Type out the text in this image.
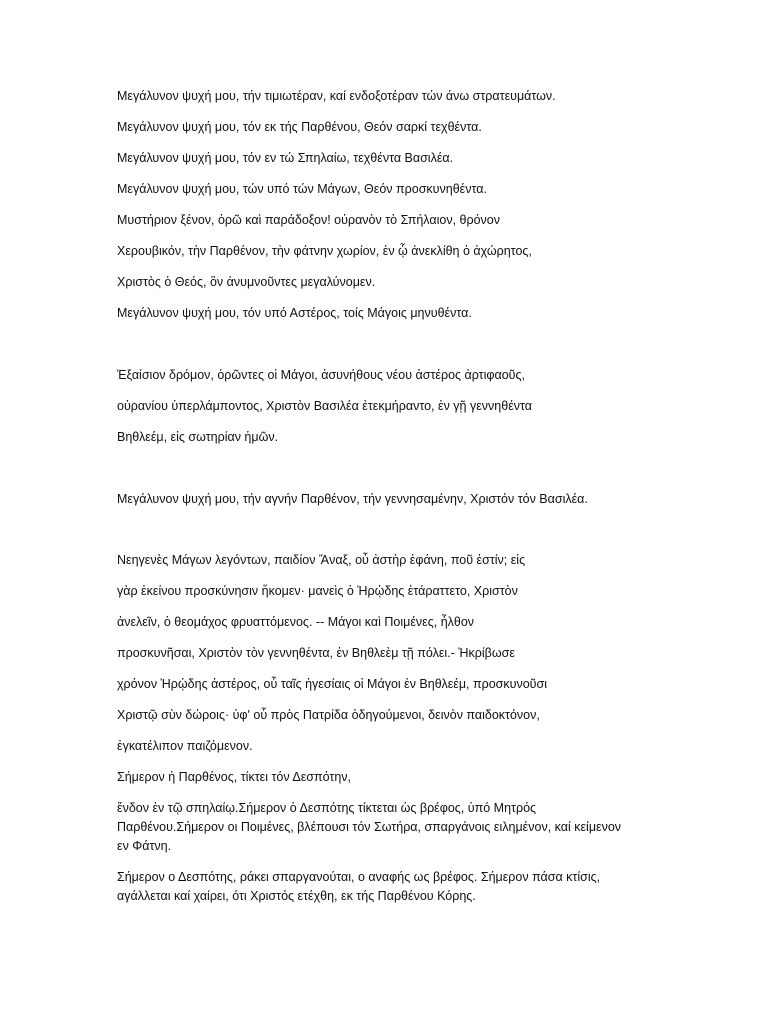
Μεγάλυνον ψυχή μου, τήν τιμιωτέραν, καί ενδοξοτέραν τών άνω στρατευμάτων.

Μεγάλυνον ψυχή μου, τόν εκ τής Παρθένου, Θεόν σαρκί τεχθέντα.

Μεγάλυνον ψυχή μου, τόν εν τώ Σπηλαίω, τεχθέντα Βασιλέα.

Μεγάλυνον ψυχή μου, τών υπό τών Μάγων, Θεόν προσκυνηθέντα.

Μυστήριον ξένον, ὁρῶ καὶ παράδοξον! οὐρανὸν τὸ Σπήλαιον, θρόνον

Χερουβικόν, τὴν Παρθένον, τὴν φάτνην χωρίον, ἐν ᾧ ἀνεκλίθη ὁ ἀχώρητος,

Χριστὸς ὁ Θεός, ὃν ἀνυμνοῦντες μεγαλύνομεν.

Μεγάλυνον ψυχή μου, τόν υπό Αστέρος, τοίς Μάγοις μηνυθέντα.

Ἐξαίσιον δρόμον, ὁρῶντες οἱ Μάγοι, ἀσυνήθους νέου ἀστέρος ἀρτιφαοῦς,

οὐρανίου ὑπερλάμποντος, Χριστὸν Βασιλέα ἐτεκμήραντο, ἐν γῇ γεννηθέντα

Βηθλεέμ, εἰς σωτηρίαν ἡμῶν.

Μεγάλυνον ψυχή μου, τήν αγνήν Παρθένον, τήν γεννησαμένην, Χριστόν τόν Βασιλέα.

Νεηγενὲς Μάγων λεγόντων, παιδίον Ἄναξ, οὗ ἀστὴρ ἐφάνη, ποῦ ἐστίν; εἰς

γὰρ ἐκείνου προσκύνησιν ἥκομεν· μανεὶς ὁ Ἡρῴδης ἐτάραττετο, Χριστὸν

ἀνελεῖν, ὁ θεομάχος φρυαττόμενος. -- Μάγοι καὶ Ποιμένες, ἦλθον

προσκυνῆσαι, Χριστὸν τὸν γεννηθέντα, ἐν Βηθλεὲμ τῇ πόλει.- Ἠκρίβωσε

χρόνον Ἡρῴδης ἀστέρος, οὗ ταῖς ἡγεσίαις οἱ Μάγοι ἐν Βηθλεέμ, προσκυνοῦσι

Χριστῷ σὺν δώροις· ὑφ' οὗ πρὸς Πατρίδα ὁδηγούμενοι, δεινὸν παιδοκτόνον,

ἐγκατέλιπον παιζόμενον.

Σήμερον ἡ Παρθένος, τίκτει τόν Δεσπότην,

ἔνδον ἐν τῷ σπηλαίῳ.Σήμερον ὁ Δεσπότης τίκτεται ὡς βρέφος, ὑπό Μητρός

Παρθένου.Σήμερον οι Ποιμένες, βλέπουσι τόν Σωτήρα, σπαργάνοις ειλημένον, καί κείμενον

εν Φάτνη.

Σήμερον ο Δεσπότης, ράκει σπαργανούται, ο αναφής ως βρέφος. Σήμερον πάσα κτίσις,

αγάλλεται καί χαίρει, ότι Χριστός ετέχθη, εκ τής Παρθένου Κόρης.
